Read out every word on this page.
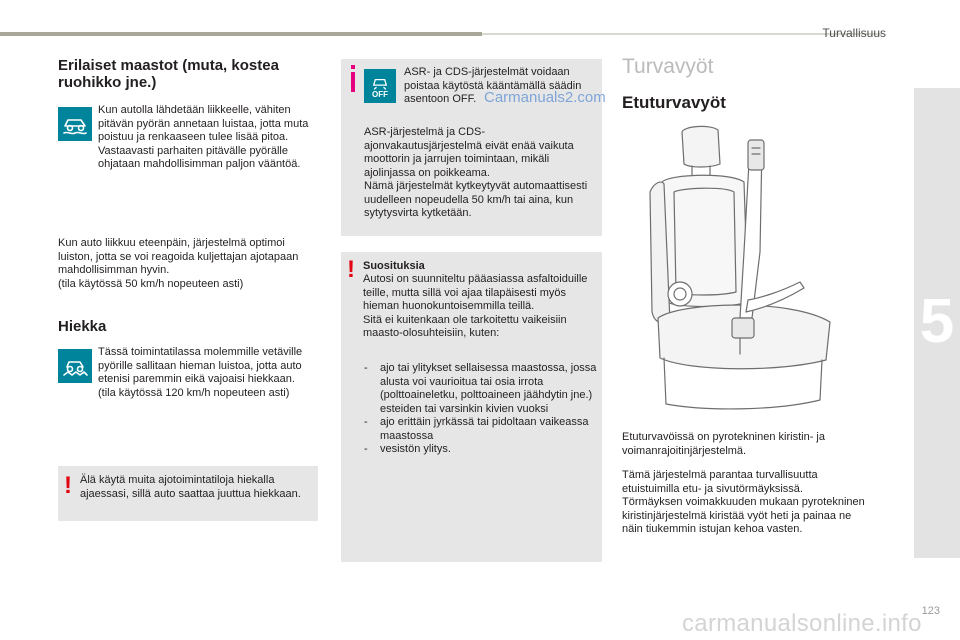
Turvallisuus
5
Erilaiset maastot (muta, kostea ruohikko jne.)
Kun autolla lähdetään liikkeelle, vähiten pitävän pyörän annetaan luistaa, jotta muta poistuu ja renkaaseen tulee lisää pitoa. Vastaavasti parhaiten pitävälle pyörälle ohjataan mahdollisimman paljon vääntöä.
Kun auto liikkuu eteenpäin, järjestelmä optimoi luiston, jotta se voi reagoida kuljettajan ajotapaan mahdollisimman hyvin.
(tila käytössä 50 km/h nopeuteen asti)
Hiekka
Tässä toimintatilassa molemmille vetäville pyörille sallitaan hieman luistoa, jotta auto etenisi paremmin eikä vajoaisi hiekkaan.
(tila käytössä 120 km/h nopeuteen asti)
! Älä käytä muita ajotoimintatiloja hiekalla ajaessasi, sillä auto saattaa juuttua hiekkaan.
OFF
ASR- ja CDS-järjestelmät voidaan poistaa käytöstä kääntämällä säädin asentoon OFF.
ASR-järjestelmä ja CDS-ajonvakautusjärjestelmä eivät enää vaikuta moottorin ja jarrujen toimintaan, mikäli ajolinjassa on poikkeama.
Nämä järjestelmät kytkeytyvät automaattisesti uudelleen nopeudella 50 km/h tai aina, kun sytytysvirta kytketään.
Carmanuals2.com
! Suosituksia
Autosi on suunniteltu pääasiassa asfaltoiduille teille, mutta sillä voi ajaa tilapäisesti myös hieman huonokuntoisemmilla teillä.
Sitä ei kuitenkaan ole tarkoitettu vaikeisiin maasto-olosuhteisiin, kuten:
- ajo tai ylitykset sellaisessa maastossa, jossa alusta voi vaurioitua tai osia irrota (polttoaineletku, polttoaineen jäähdytin jne.) esteiden tai varsinkin kivien vuoksi
- ajo erittäin jyrkässä tai pidoltaan vaikeassa maastossa
- vesistön ylitys.
Turvavyöt
Etuturvavyöt
Etuturvavöissä on pyrotekninen kiristin- ja voimanrajoitinjärjestelmä.
Tämä järjestelmä parantaa turvallisuutta etuistuimilla etu- ja sivutörmäyksissä.
Törmäyksen voimakkuuden mukaan pyrotekninen kiristinjärjestelmä kiristää vyöt heti ja painaa ne näin tiukemmin istujan kehoa vasten.
123
carmanualsonline.info
